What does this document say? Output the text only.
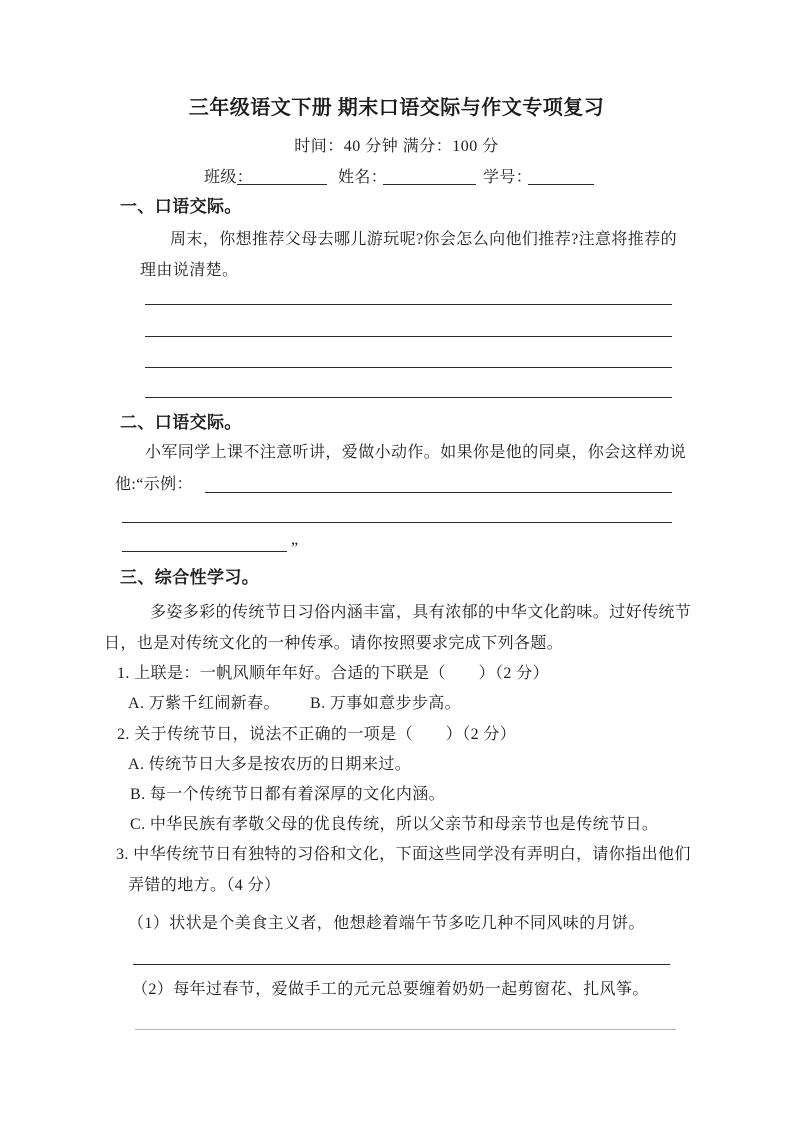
三年级语文下册 期末口语交际与作文专项复习
时间：40 分钟 满分：100 分
班级：	姓名：	学号：
一、口语交际。
周末，你想推荐父母去哪儿游玩呢?你会怎么向他们推荐?注意将推荐的
理由说清楚。
二、口语交际。
小军同学上课不注意听讲，爱做小动作。如果你是他的同桌，你会这样劝说
他:“示例：
”
三、综合性学习。
多姿多彩的传统节日习俗内涵丰富，具有浓郁的中华文化韵味。过好传统节
日，也是对传统文化的一种传承。请你按照要求完成下列各题。
1. 上联是：一帆风顺年年好。合适的下联是（　　）（2 分）
A. 万紫千红闹新春。 B. 万事如意步步高。
2. 关于传统节日，说法不正确的一项是（　　）（2 分）
A. 传统节日大多是按农历的日期来过。
B. 每一个传统节日都有着深厚的文化内涵。
C. 中华民族有孝敬父母的优良传统，所以父亲节和母亲节也是传统节日。
3. 中华传统节日有独特的习俗和文化，下面这些同学没有弄明白，请你指出他们
弄错的地方。（4 分）
（1）状状是个美食主义者，他想趁着端午节多吃几种不同风味的月饼。
（2）每年过春节，爱做手工的元元总要缠着奶奶一起剪窗花、扎风筝。
